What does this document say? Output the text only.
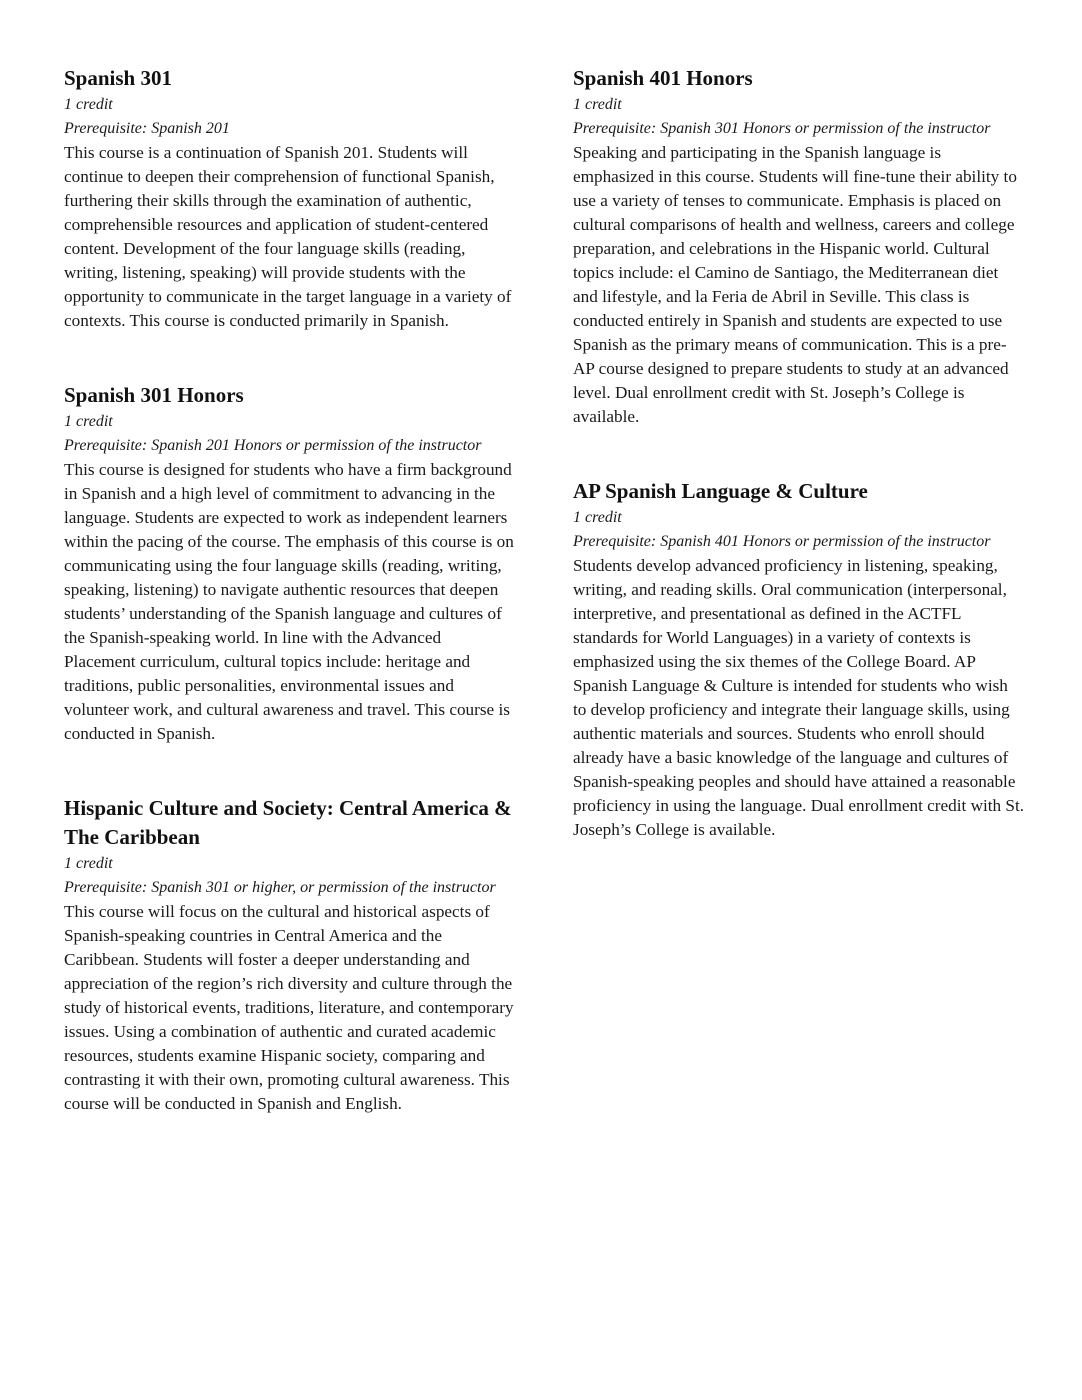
Spanish 301

1 credit

Prerequisite: Spanish 201

This course is a continuation of Spanish 201. Students will continue to deepen their comprehension of functional Spanish, furthering their skills through the examination of authentic, comprehensible resources and application of student-centered content. Development of the four language skills (reading, writing, listening, speaking) will provide students with the opportunity to communicate in the target language in a variety of contexts. This course is conducted primarily in Spanish.

Spanish 301 Honors

1 credit

Prerequisite: Spanish 201 Honors or permission of the instructor

This course is designed for students who have a firm background in Spanish and a high level of commitment to advancing in the language. Students are expected to work as independent learners within the pacing of the course. The emphasis of this course is on communicating using the four language skills (reading, writing, speaking, listening) to navigate authentic resources that deepen students’ understanding of the Spanish language and cultures of the Spanish-speaking world. In line with the Advanced Placement curriculum, cultural topics include: heritage and traditions, public personalities, environmental issues and volunteer work, and cultural awareness and travel. This course is conducted in Spanish.

Hispanic Culture and Society: Central America & The Caribbean

1 credit

Prerequisite: Spanish 301 or higher, or permission of the instructor

This course will focus on the cultural and historical aspects of Spanish-speaking countries in Central America and the Caribbean. Students will foster a deeper understanding and appreciation of the region’s rich diversity and culture through the study of historical events, traditions, literature, and contemporary issues. Using a combination of authentic and curated academic resources, students examine Hispanic society, comparing and contrasting it with their own, promoting cultural awareness. This course will be conducted in Spanish and English.

Spanish 401 Honors

1 credit

Prerequisite: Spanish 301 Honors or permission of the instructor

Speaking and participating in the Spanish language is emphasized in this course. Students will fine-tune their ability to use a variety of tenses to communicate. Emphasis is placed on cultural comparisons of health and wellness, careers and college preparation, and celebrations in the Hispanic world. Cultural topics include: el Camino de Santiago, the Mediterranean diet and lifestyle, and la Feria de Abril in Seville. This class is conducted entirely in Spanish and students are expected to use Spanish as the primary means of communication. This is a pre-AP course designed to prepare students to study at an advanced level. Dual enrollment credit with St. Joseph’s College is available.

AP Spanish Language & Culture

1 credit

Prerequisite: Spanish 401 Honors or permission of the instructor

Students develop advanced proficiency in listening, speaking, writing, and reading skills. Oral communication (interpersonal, interpretive, and presentational as defined in the ACTFL standards for World Languages) in a variety of contexts is emphasized using the six themes of the College Board. AP Spanish Language & Culture is intended for students who wish to develop proficiency and integrate their language skills, using authentic materials and sources. Students who enroll should already have a basic knowledge of the language and cultures of Spanish-speaking peoples and should have attained a reasonable proficiency in using the language. Dual enrollment credit with St. Joseph’s College is available.
